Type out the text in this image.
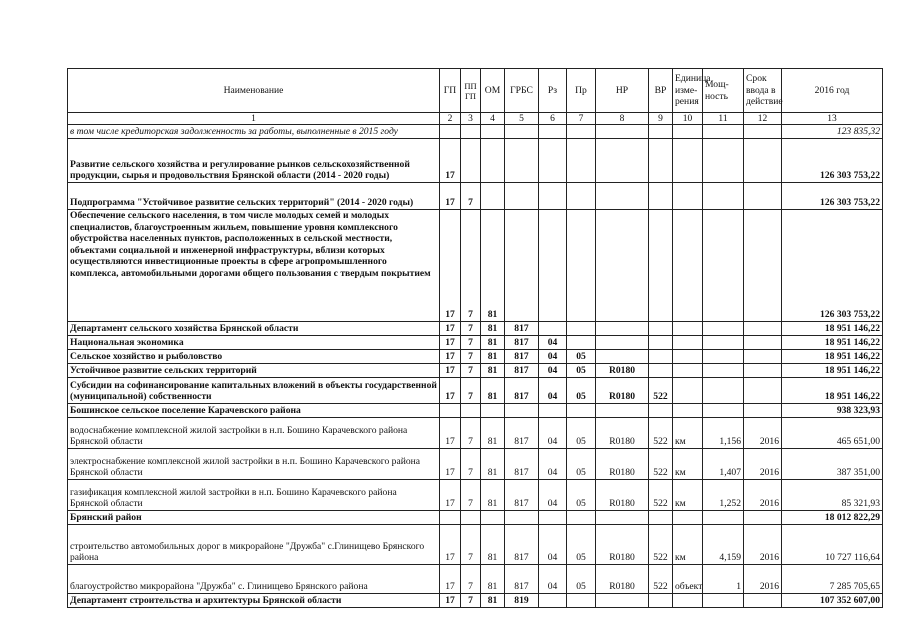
Наименование	ГП	ППГП	ОМ	ГРБС	Рз	Пр	НР	ВР	Единица изме-рения	Мощ-ность	Срок ввода в действие	2016 год
1	2	3	4	5	6	7	8	9	10	11	12	13
в том числе кредиторская задолженность за работы, выполненные в 2015 году												123 835,32
Развитие сельского хозяйства и регулирование рынков сельскохозяйственной продукции, сырья и продовольствия Брянской области (2014 - 2020 годы)	17											126 303 753,22
Подпрограмма "Устойчивое развитие сельских территорий" (2014 - 2020 годы)	17	7										126 303 753,22
Обеспечение сельского населения, в том числе молодых семей и молодых специалистов, благоустроенным жильем, повышение уровня комплексного обустройства населенных пунктов, расположенных в сельской местности, объектами социальной и инженерной инфраструктуры, вблизи которых осуществляются инвестиционные проекты в сфере агропромышленного комплекса, автомобильными дорогами общего пользования с твердым покрытием	17	7	81									126 303 753,22
Департамент сельского хозяйства Брянской области	17	7	81	817								18 951 146,22
Национальная экономика	17	7	81	817	04							18 951 146,22
Сельское хозяйство и рыболовство	17	7	81	817	04	05						18 951 146,22
Устойчивое развитие сельских территорий	17	7	81	817	04	05	R0180					18 951 146,22
Субсидии на софинансирование капитальных вложений в объекты государственной (муниципальной) собственности	17	7	81	817	04	05	R0180	522				18 951 146,22
Бошинское сельское поселение Карачевского района												938 323,93
водоснабжение комплексной жилой застройки в н.п. Бошино Карачевского района Брянской области	17	7	81	817	04	05	R0180	522	км	1,156	2016	465 651,00
электроснабжение комплексной жилой застройки в н.п. Бошино Карачевского района Брянской области	17	7	81	817	04	05	R0180	522	км	1,407	2016	387 351,00
газификация комплексной жилой застройки в н.п. Бошино Карачевского района Брянской области	17	7	81	817	04	05	R0180	522	км	1,252	2016	85 321,93
Брянский район												18 012 822,29
строительство автомобильных дорог в микрорайоне "Дружба" с.Глинищево Брянского района	17	7	81	817	04	05	R0180	522	км	4,159	2016	10 727 116,64
благоустройство микрорайона "Дружба" с. Глинищево Брянского района	17	7	81	817	04	05	R0180	522	объект	1	2016	7 285 705,65
Департамент строительства и архитектуры Брянской области	17	7	81	819								107 352 607,00
